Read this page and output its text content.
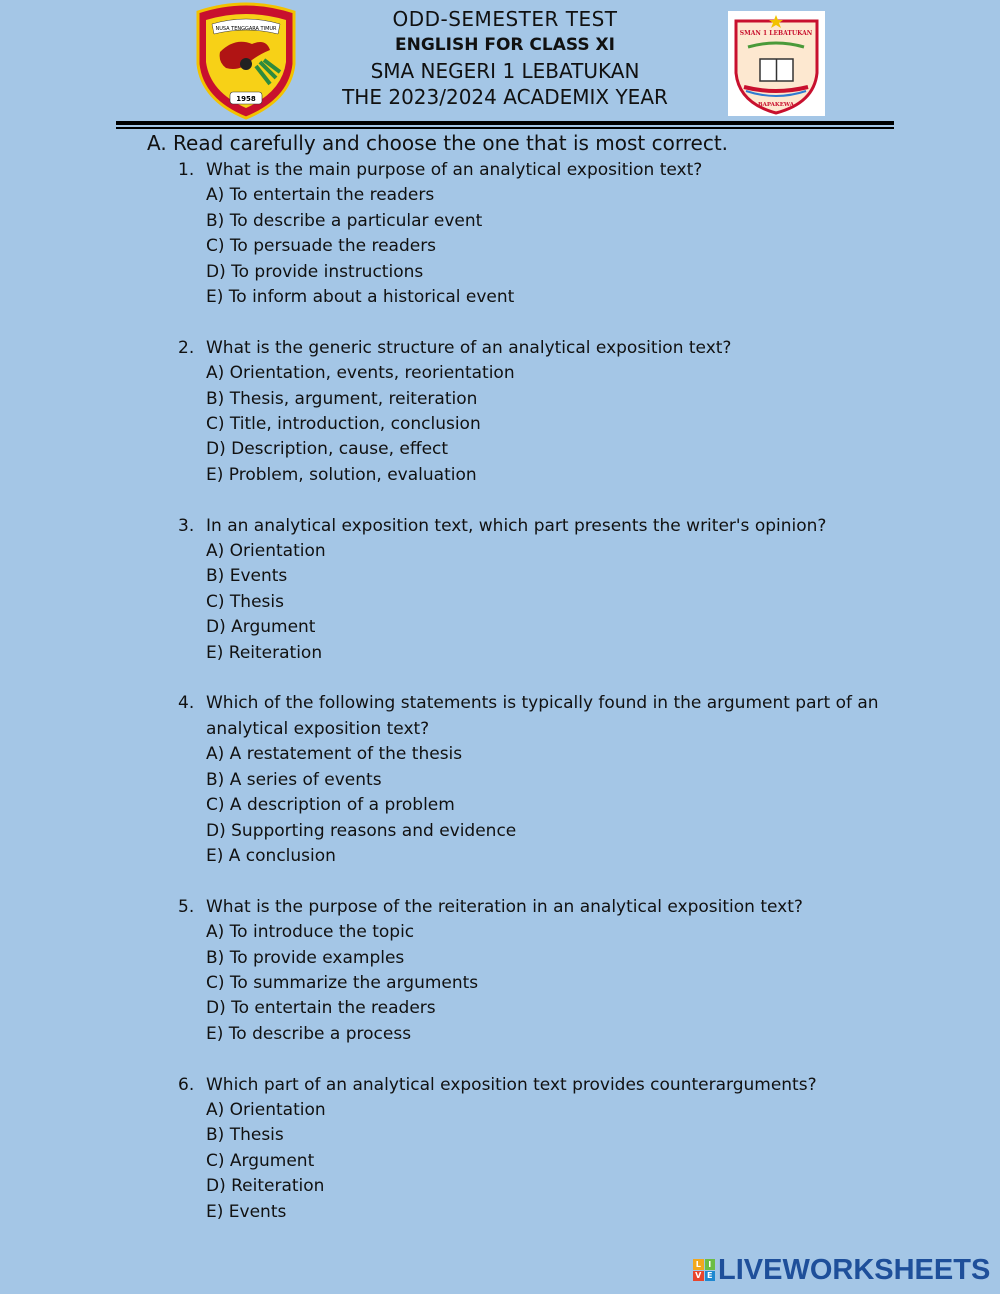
NUSA TENGGARA TIMUR
1958
ODD-SEMESTER TEST
ENGLISH FOR CLASS XI
SMA NEGERI 1 LEBATUKAN
THE 2023/2024 ACADEMIX YEAR
SMAN 1 LEBATUKAN
BAPAKEWA
A. Read carefully and choose the one that is most correct.
1. What is the main purpose of an analytical exposition text?
A) To entertain the readers
B) To describe a particular event
C) To persuade the readers
D) To provide instructions
E) To inform about a historical event
2. What is the generic structure of an analytical exposition text?
A) Orientation, events, reorientation
B) Thesis, argument, reiteration
C) Title, introduction, conclusion
D) Description, cause, effect
E) Problem, solution, evaluation
3. In an analytical exposition text, which part presents the writer's opinion?
A) Orientation
B) Events
C) Thesis
D) Argument
E) Reiteration
4. Which of the following statements is typically found in the argument part of an analytical exposition text?
A) A restatement of the thesis
B) A series of events
C) A description of a problem
D) Supporting reasons and evidence
E) A conclusion
5. What is the purpose of the reiteration in an analytical exposition text?
A) To introduce the topic
B) To provide examples
C) To summarize the arguments
D) To entertain the readers
E) To describe a process
6. Which part of an analytical exposition text provides counterarguments?
A) Orientation
B) Thesis
C) Argument
D) Reiteration
E) Events
L I
V E LIVEWORKSHEETS
